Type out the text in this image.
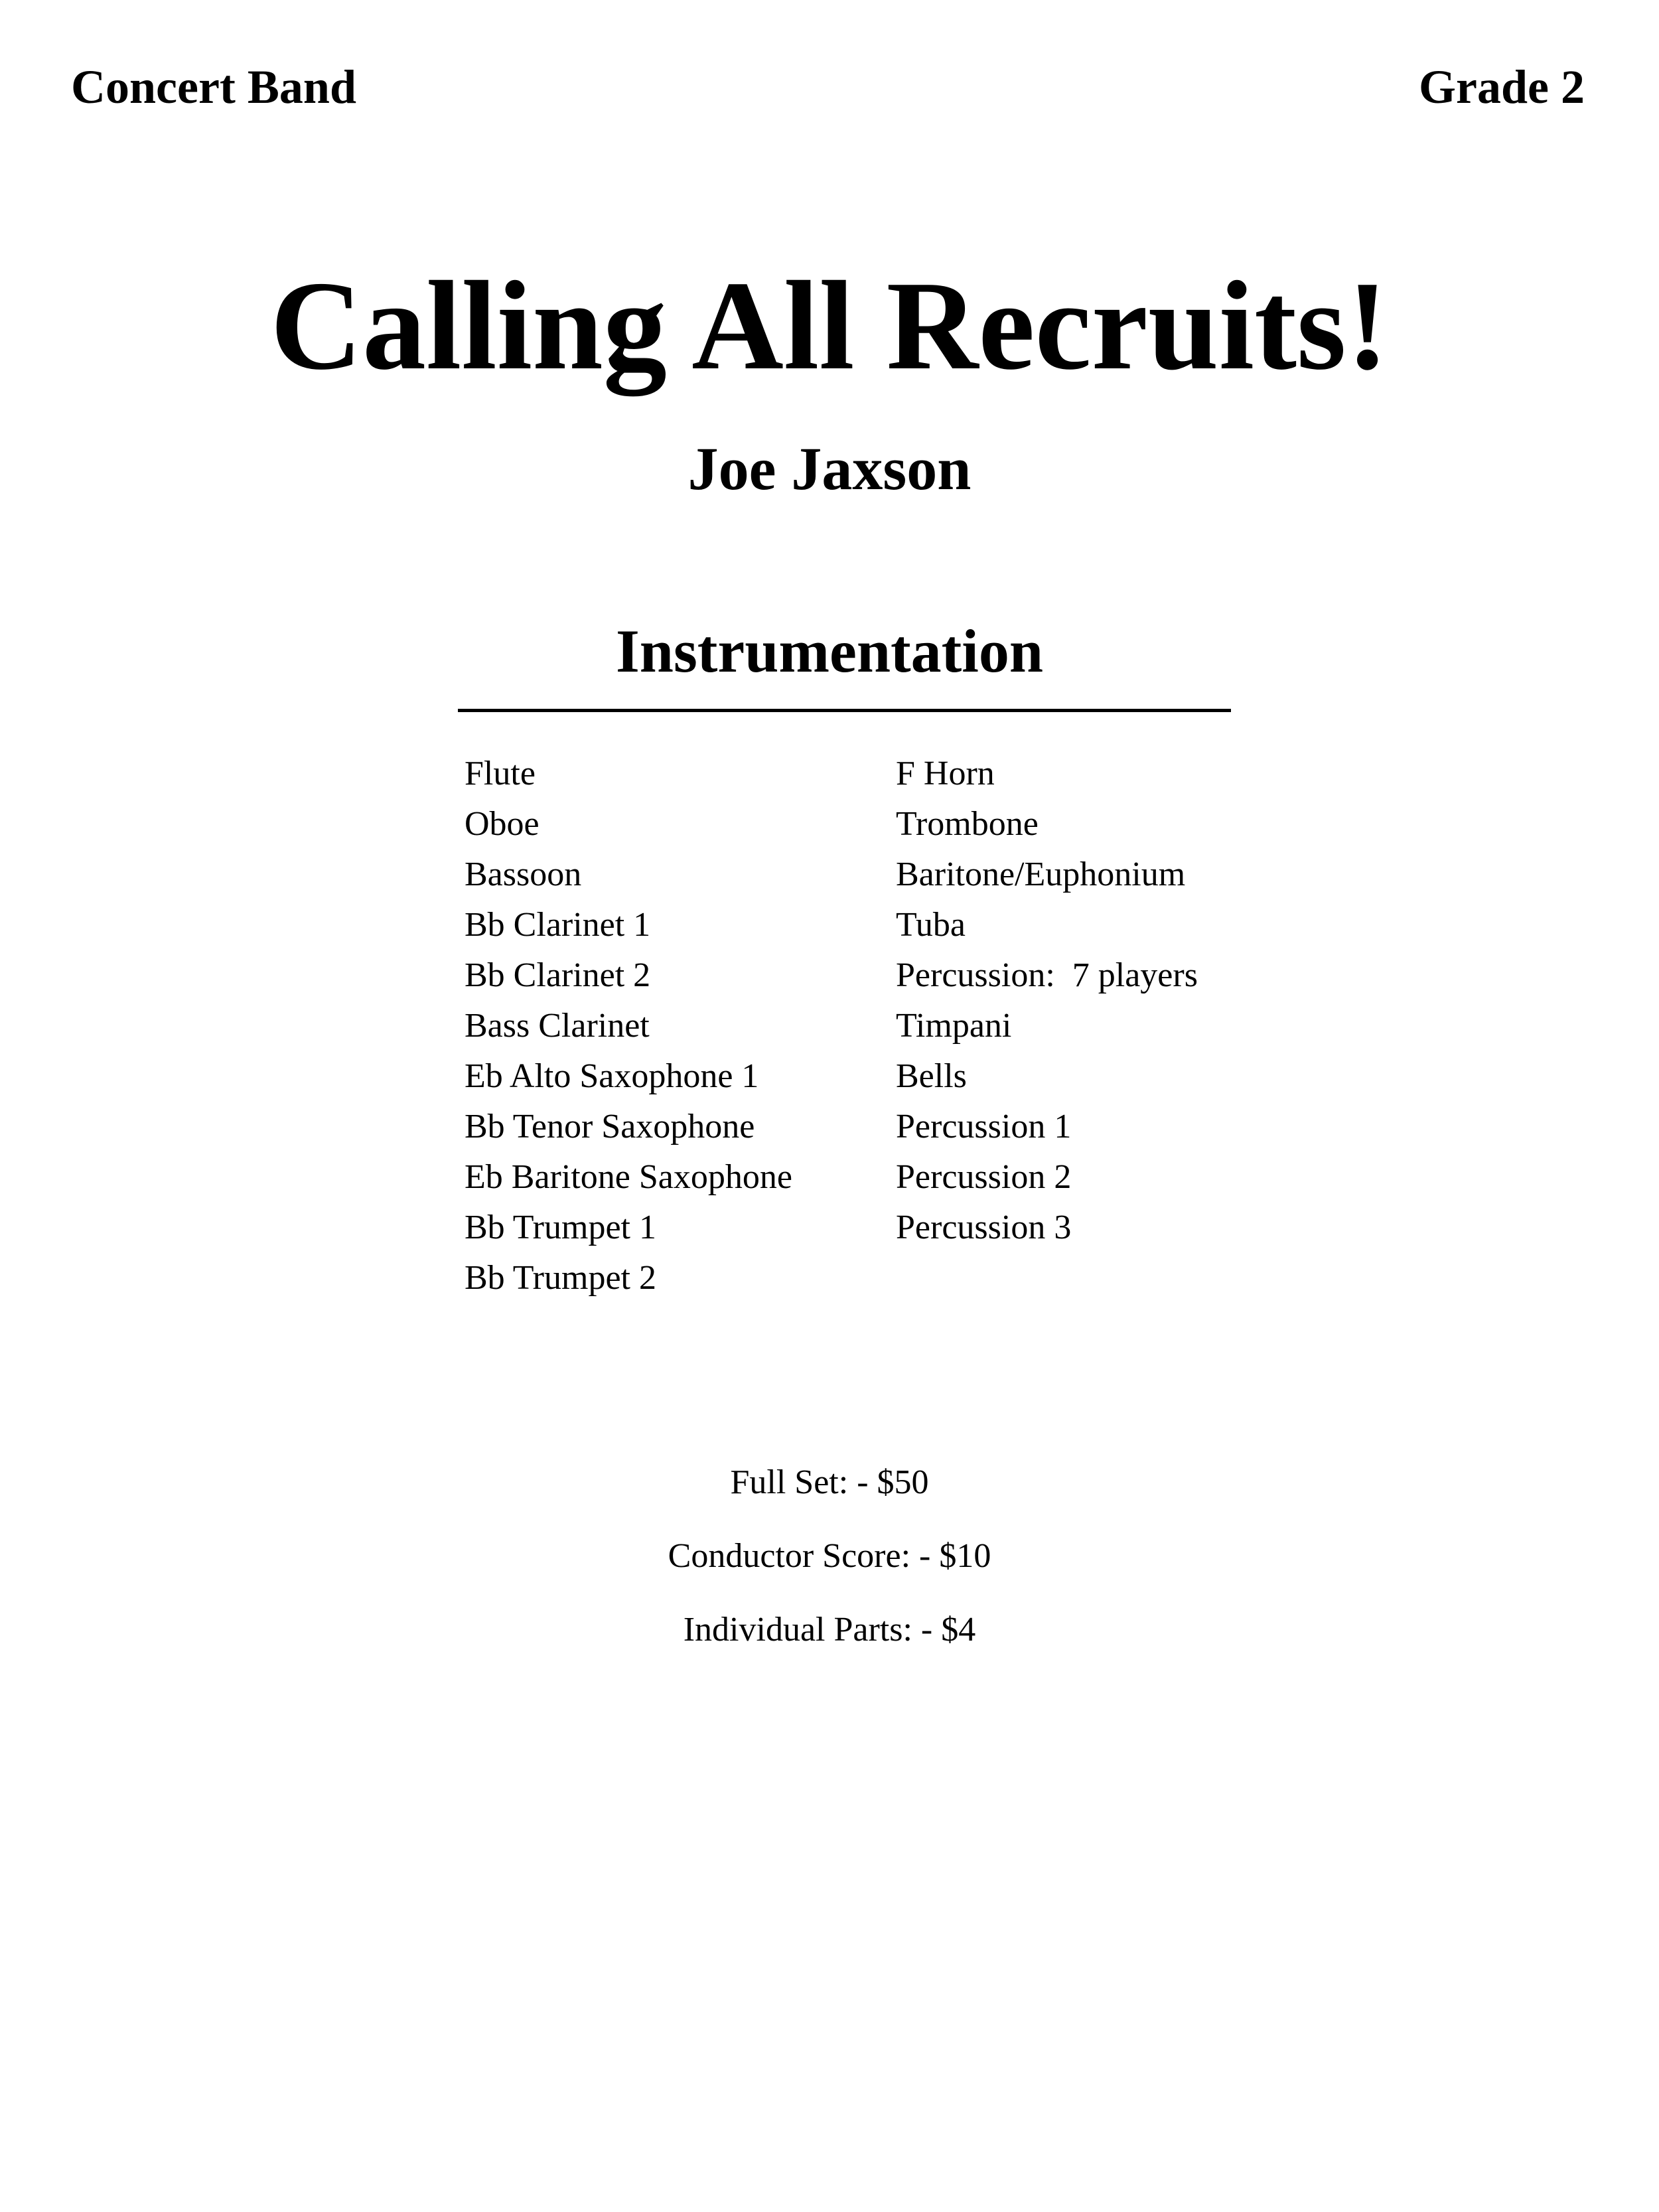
Concert Band	Grade 2
Calling All Recruits!
Joe Jaxson
Instrumentation
Flute
Oboe
Bassoon
Bb Clarinet 1
Bb Clarinet 2
Bass Clarinet
Eb Alto Saxophone 1
Bb Tenor Saxophone
Eb Baritone Saxophone
Bb Trumpet 1
Bb Trumpet 2
F Horn
Trombone
Baritone/Euphonium
Tuba
Percussion:  7 players
Timpani
Bells
Percussion 1
Percussion 2
Percussion 3
Full Set: - $50
Conductor Score: - $10
Individual Parts: - $4
